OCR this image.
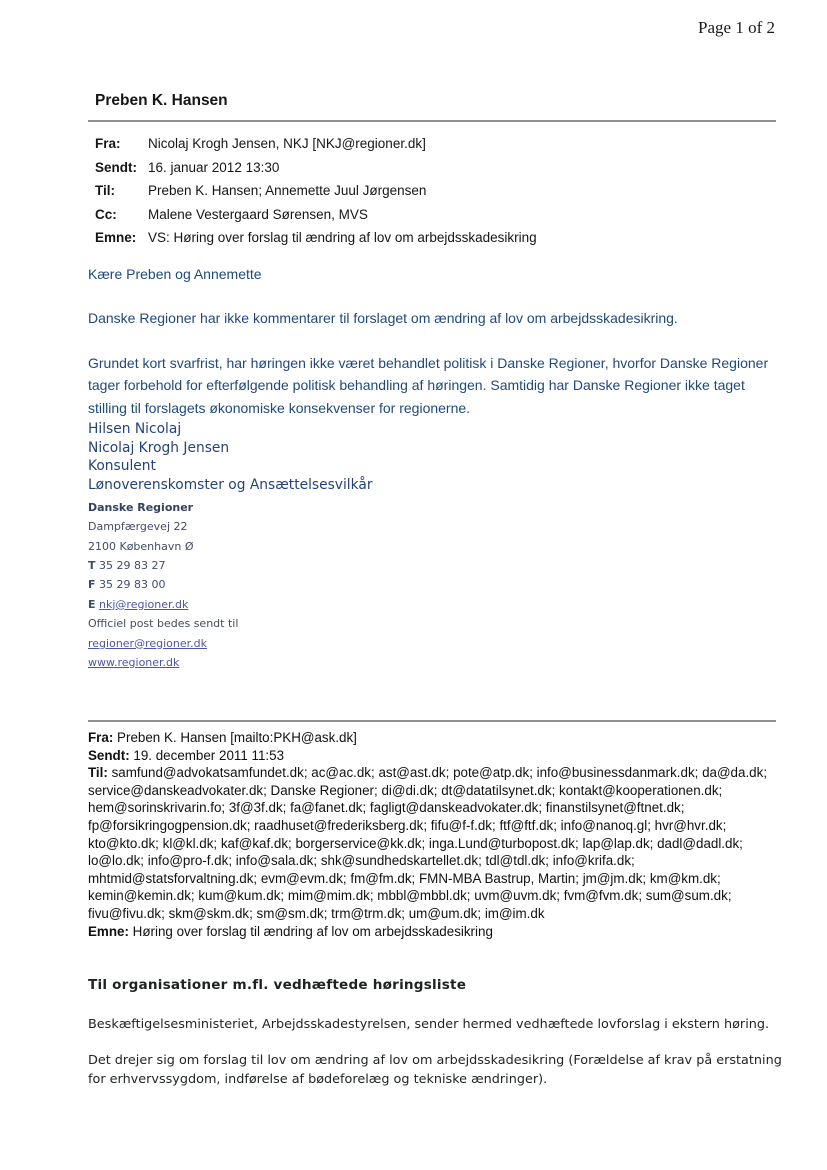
Page 1 of 2
Preben K. Hansen
Fra:	Nicolaj Krogh Jensen, NKJ [NKJ@regioner.dk]
Sendt: 16. januar 2012 13:30
Til:	Preben K. Hansen; Annemette Juul Jørgensen
Cc:	Malene Vestergaard Sørensen, MVS
Emne: VS: Høring over forslag til ændring af lov om arbejdsskadesikring

Kære Preben og Annemette

Danske Regioner har ikke kommentarer til forslaget om ændring af lov om arbejdsskadesikring.

Grundet kort svarfrist, har høringen ikke været behandlet politisk i Danske Regioner, hvorfor Danske Regioner tager forbehold for efterfølgende politisk behandling af høringen. Samtidig har Danske Regioner ikke taget stilling til forslagets økonomiske konsekvenser for regionerne.

Hilsen Nicolaj
Nicolaj Krogh Jensen
Konsulent
Lønoverenskomster og Ansættelsesvilkår
Danske Regioner
Dampfærgevej 22
2100 København Ø
T 35 29 83 27
F 35 29 83 00
E nkj@regioner.dk
Officiel post bedes sendt til
regioner@regioner.dk
www.regioner.dk

Fra: Preben K. Hansen [mailto:PKH@ask.dk]

Sendt: 19. december 2011 11:53

Til: samfund@advokatsamfundet.dk; ac@ac.dk; ast@ast.dk; pote@atp.dk; info@businessdanmark.dk; da@da.dk; service@danskeadvokater.dk; Danske Regioner; di@di.dk; dt@datatilsynet.dk; kontakt@kooperationen.dk; hem@sorinskrivarin.fo; 3f@3f.dk; fa@fanet.dk; fagligt@danskeadvokater.dk; finanstilsynet@ftnet.dk; fp@forsikringogpension.dk; raadhuset@frederiksberg.dk; fifu@f-f.dk; ftf@ftf.dk; info@nanoq.gl; hvr@hvr.dk; kto@kto.dk; kl@kl.dk; kaf@kaf.dk; borgerservice@kk.dk; inga.Lund@turbopost.dk; lap@lap.dk; dadl@dadl.dk; lo@lo.dk; info@pro-f.dk; info@sala.dk; shk@sundhedskartellet.dk; tdl@tdl.dk; info@krifa.dk; mhtmid@statsforvaltning.dk; evm@evm.dk; fm@fm.dk; FMN-MBA Bastrup, Martin; jm@jm.dk; km@km.dk; kemin@kemin.dk; kum@kum.dk; mim@mim.dk; mbbl@mbbl.dk; uvm@uvm.dk; fvm@fvm.dk; sum@sum.dk; fivu@fivu.dk; skm@skm.dk; sm@sm.dk; trm@trm.dk; um@um.dk; im@im.dk

Emne: Høring over forslag til ændring af lov om arbejdsskadesikring

Til organisationer m.fl. vedhæftede høringsliste

Beskæftigelsesministeriet, Arbejdsskadestyrelsen, sender hermed vedhæftede lovforslag i ekstern høring.

Det drejer sig om forslag til lov om ændring af lov om arbejdsskadesikring (Forældelse af krav på erstatning for erhvervssygdom, indførelse af bødeforelæg og tekniske ændringer).
